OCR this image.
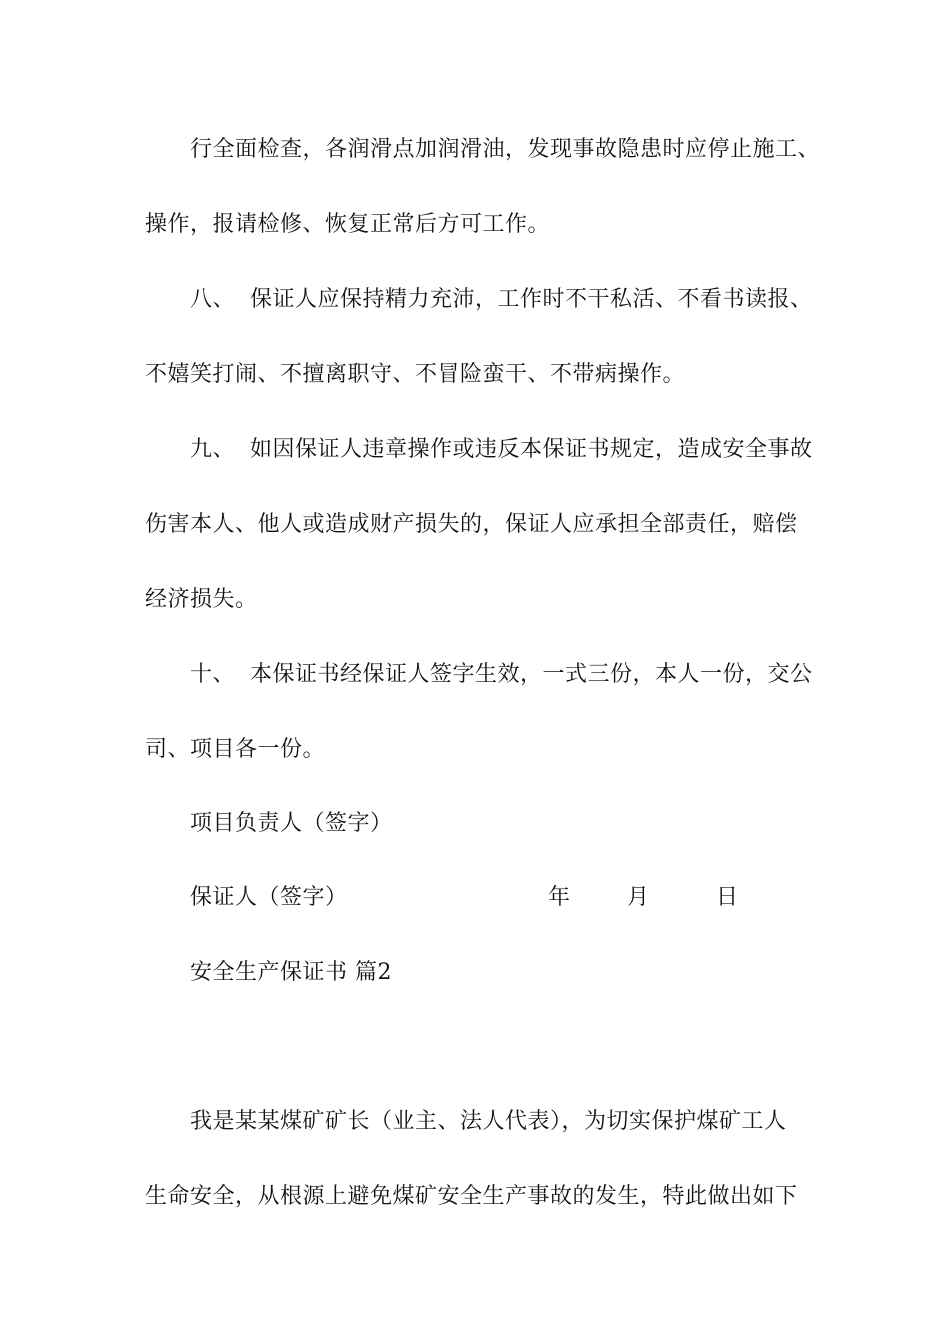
行全面检查，各润滑点加润滑油，发现事故隐患时应停止施工、
操作，报请检修、恢复正常后方可工作。
八、  保证人应保持精力充沛，工作时不干私活、不看书读报、
不嬉笑打闹、不擅离职守、不冒险蛮干、不带病操作。
九、  如因保证人违章操作或违反本保证书规定，造成安全事故
伤害本人、他人或造成财产损失的，保证人应承担全部责任，赔偿
经济损失。
十、  本保证书经保证人签字生效，一式三份，本人一份，交公
司、项目各一份。
项目负责人（签字）
保证人（签字）	年	月	日
安全生产保证书 篇2
我是某某煤矿矿长（业主、法人代表），为切实保护煤矿工人
生命安全，从根源上避免煤矿安全生产事故的发生，特此做出如下
